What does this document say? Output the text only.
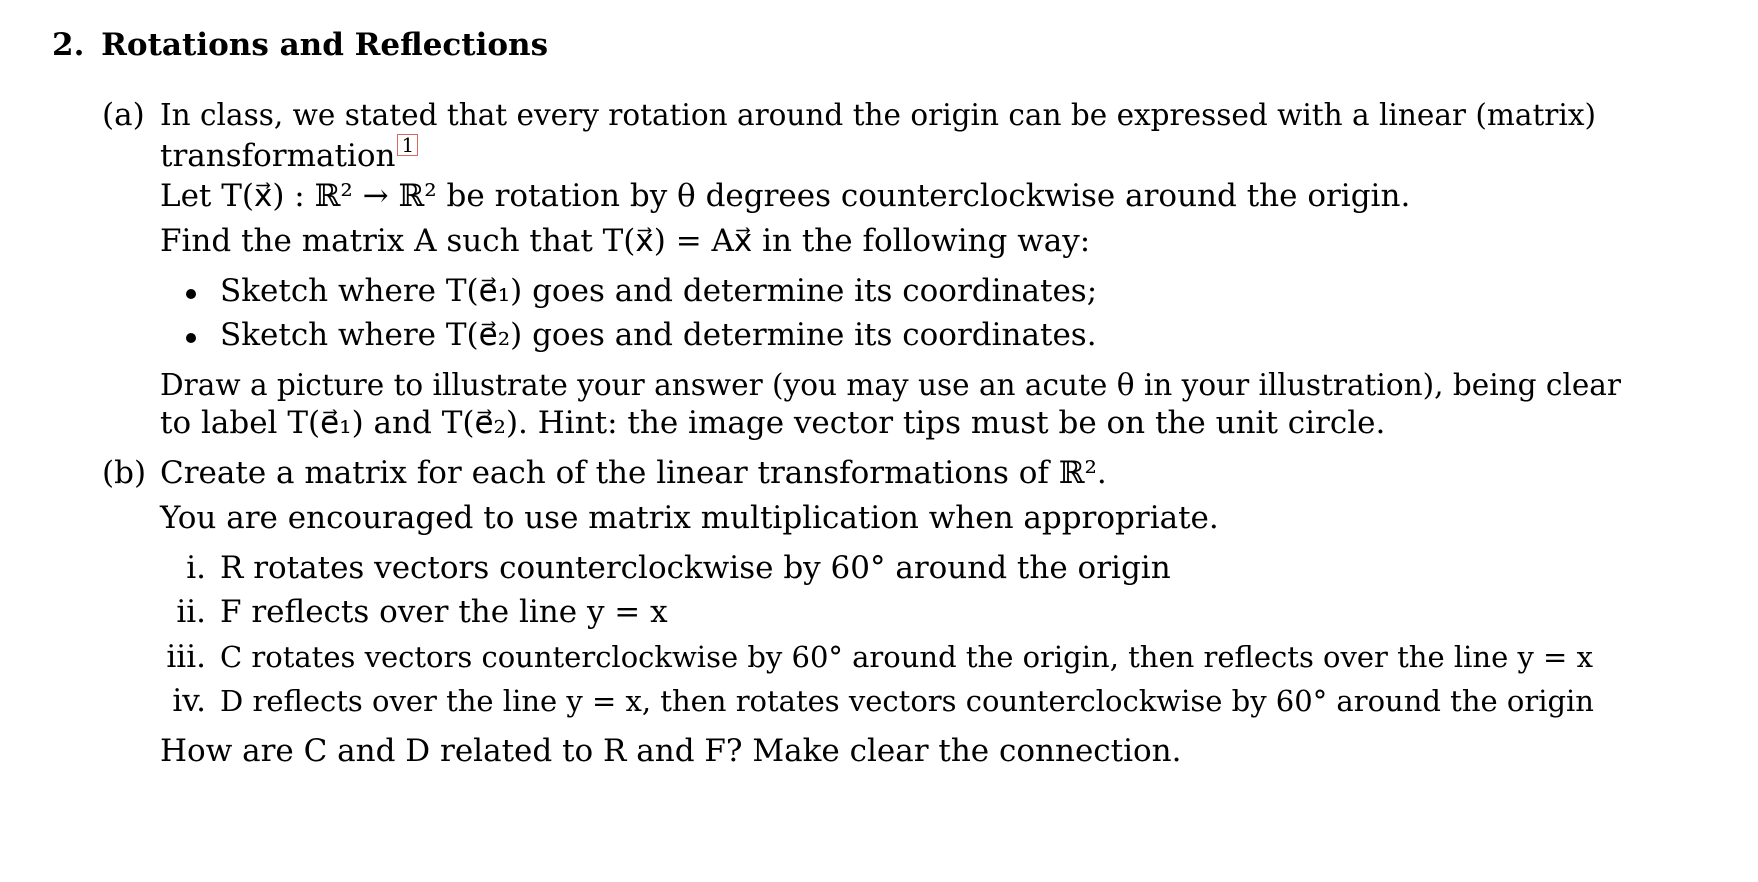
2. Rotations and Reflections
(a) In class, we stated that every rotation around the origin can be expressed with a linear (matrix)
transformation 1
Let T(x⃗) : ℝ² → ℝ² be rotation by θ degrees counterclockwise around the origin.
Find the matrix A such that T(x⃗) = Ax⃗ in the following way:
Sketch where T(e⃗₁) goes and determine its coordinates;
Sketch where T(e⃗₂) goes and determine its coordinates.
Draw a picture to illustrate your answer (you may use an acute θ in your illustration), being clear
to label T(e⃗₁) and T(e⃗₂). Hint: the image vector tips must be on the unit circle.
(b) Create a matrix for each of the linear transformations of ℝ².
You are encouraged to use matrix multiplication when appropriate.
i. R rotates vectors counterclockwise by 60° around the origin
ii. F reflects over the line y = x
iii. C rotates vectors counterclockwise by 60° around the origin, then reflects over the line y = x
iv. D reflects over the line y = x, then rotates vectors counterclockwise by 60° around the origin
How are C and D related to R and F? Make clear the connection.
